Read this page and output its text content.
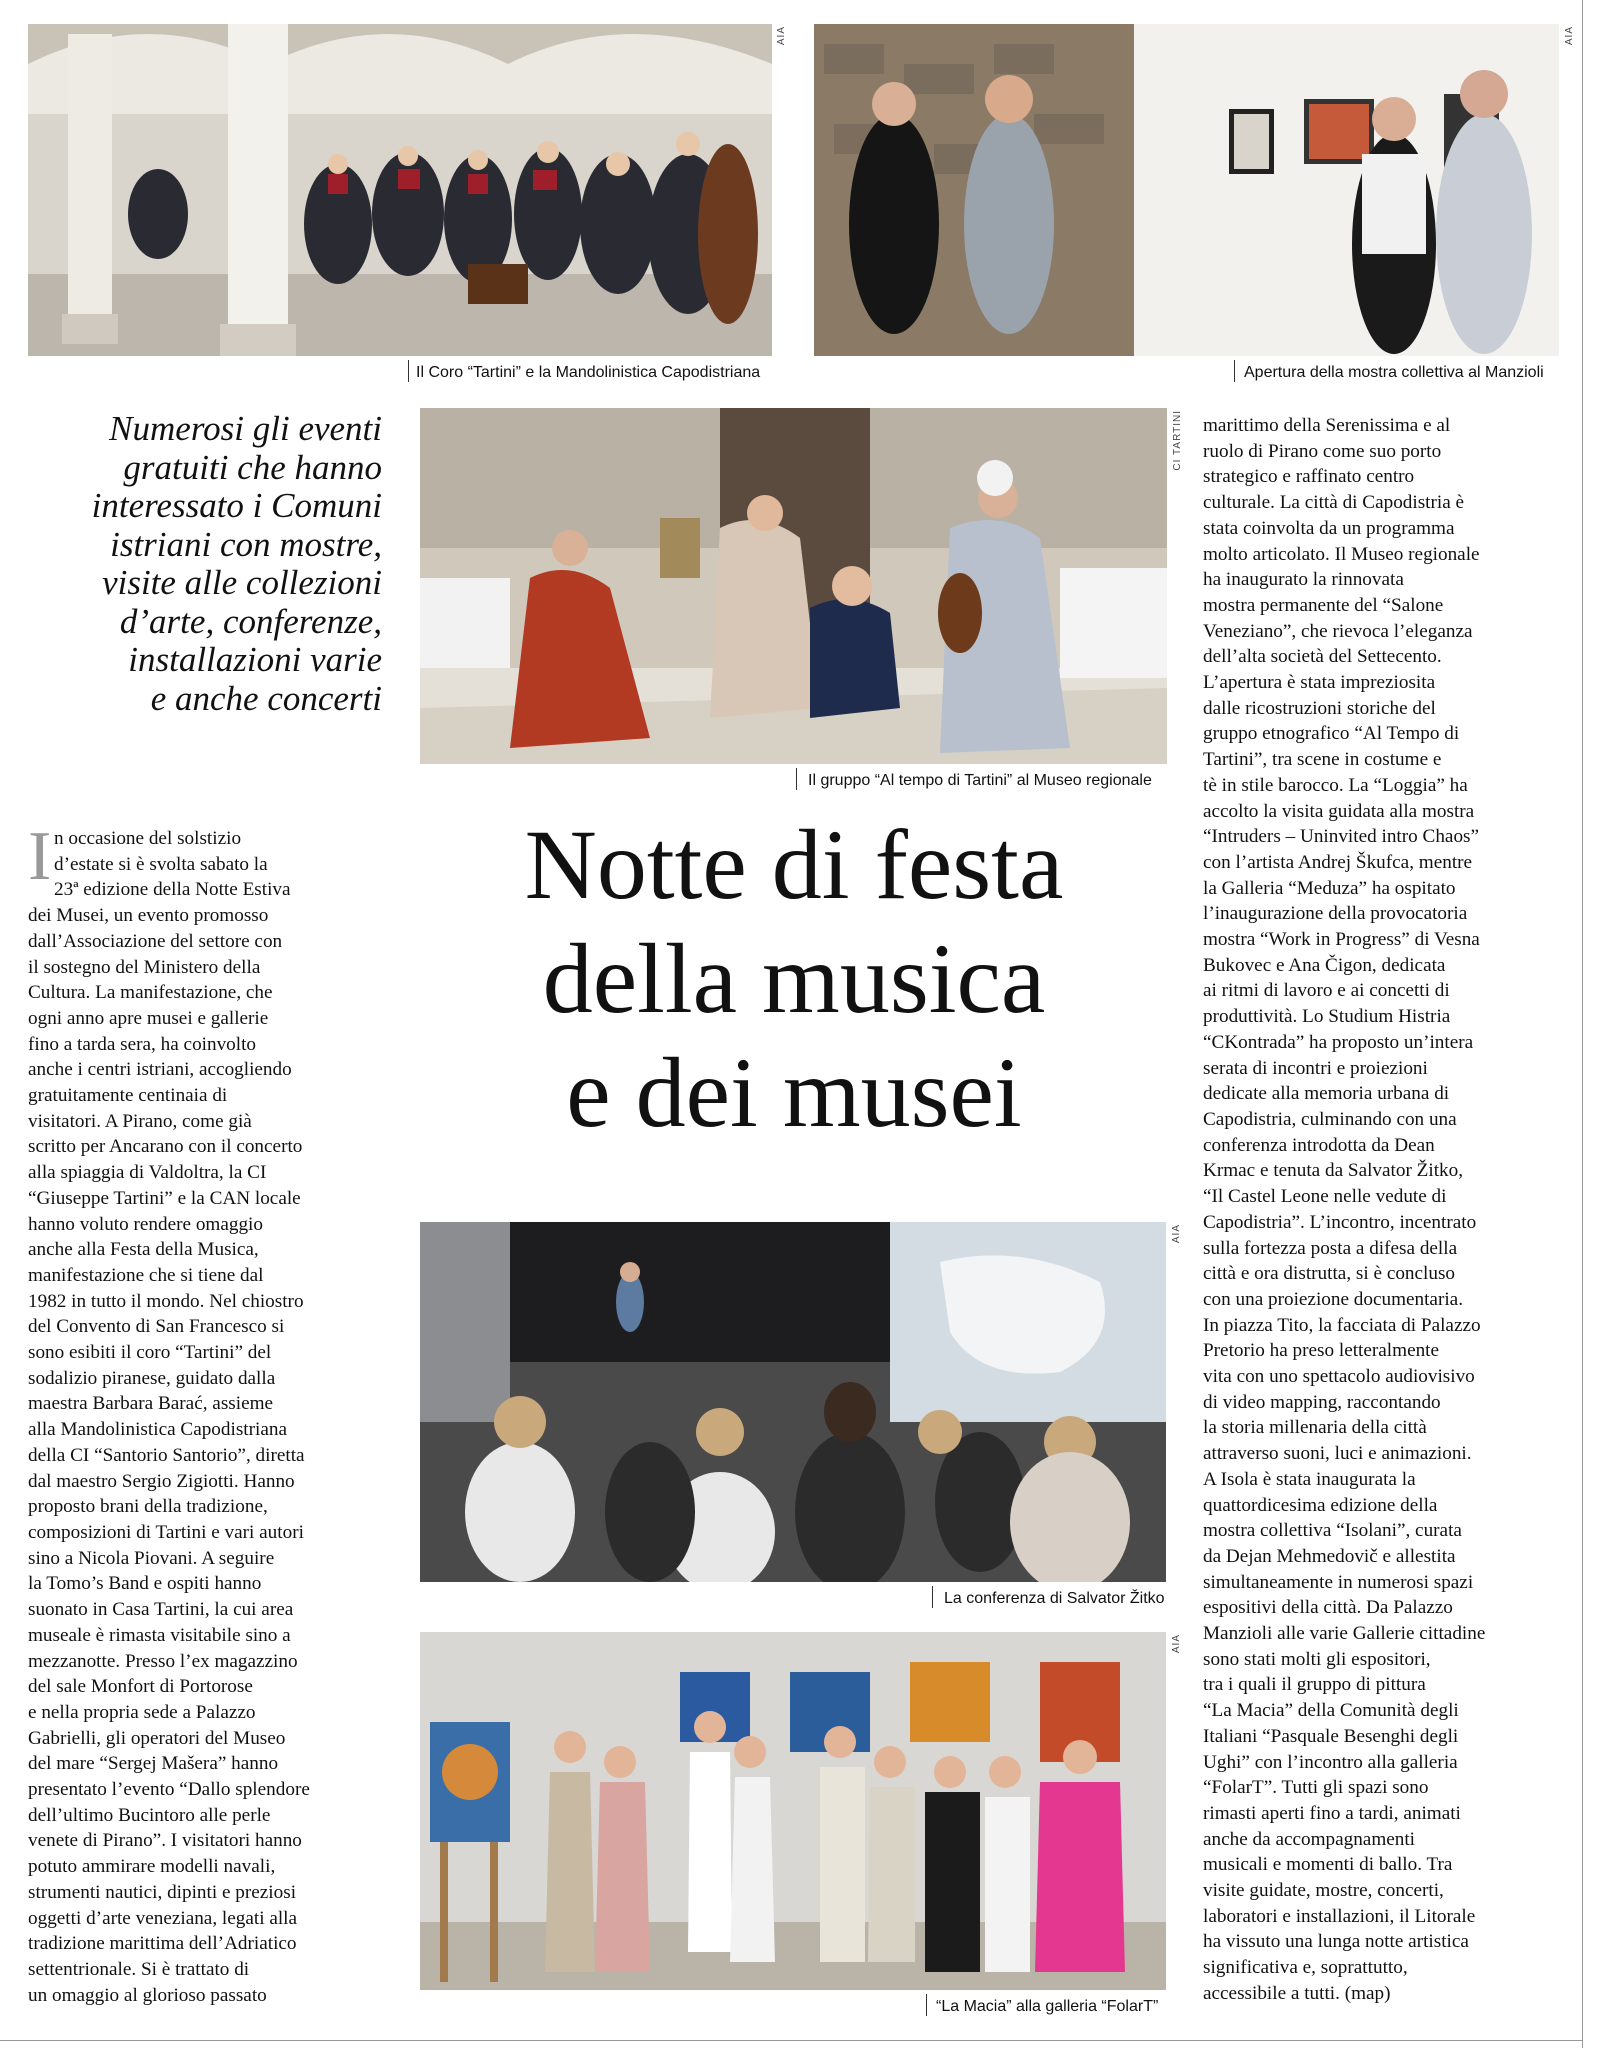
AIA
Il Coro “Tartini” e la Mandolinistica Capodistriana
AIA
Apertura della mostra collettiva al Manzioli
Numerosi gli eventi
gratuiti che hanno
interessato i Comuni
istriani con mostre,
visite alle collezioni
d’arte, conferenze,
installazioni varie
e anche concerti
CI TARTINI
Il gruppo “Al tempo di Tartini” al Museo regionale
Notte di festa
della musica
e dei musei
AIA
La conferenza di Salvator Žitko
AIA
“La Macia” alla galleria “FolarT”
I n occasione del solstizio
d’estate si è svolta sabato la
23ª edizione della Notte Estiva
dei Musei, un evento promosso
dall’Associazione del settore con
il sostegno del Ministero della
Cultura. La manifestazione, che
ogni anno apre musei e gallerie
fino a tarda sera, ha coinvolto
anche i centri istriani, accogliendo
gratuitamente centinaia di
visitatori. A Pirano, come già
scritto per Ancarano con il concerto
alla spiaggia di Valdoltra, la CI
“Giuseppe Tartini” e la CAN locale
hanno voluto rendere omaggio
anche alla Festa della Musica,
manifestazione che si tiene dal
1982 in tutto il mondo. Nel chiostro
del Convento di San Francesco si
sono esibiti il coro “Tartini” del
sodalizio piranese, guidato dalla
maestra Barbara Barać, assieme
alla Mandolinistica Capodistriana
della CI “Santorio Santorio”, diretta
dal maestro Sergio Zigiotti. Hanno
proposto brani della tradizione,
composizioni di Tartini e vari autori
sino a Nicola Piovani. A seguire
la Tomo’s Band e ospiti hanno
suonato in Casa Tartini, la cui area
museale è rimasta visitabile sino a
mezzanotte. Presso l’ex magazzino
del sale Monfort di Portorose
e nella propria sede a Palazzo
Gabrielli, gli operatori del Museo
del mare “Sergej Mašera” hanno
presentato l’evento “Dallo splendore
dell’ultimo Bucintoro alle perle
venete di Pirano”. I visitatori hanno
potuto ammirare modelli navali,
strumenti nautici, dipinti e preziosi
oggetti d’arte veneziana, legati alla
tradizione marittima dell’Adriatico
settentrionale. Si è trattato di
un omaggio al glorioso passato
marittimo della Serenissima e al
ruolo di Pirano come suo porto
strategico e raffinato centro
culturale. La città di Capodistria è
stata coinvolta da un programma
molto articolato. Il Museo regionale
ha inaugurato la rinnovata
mostra permanente del “Salone
Veneziano”, che rievoca l’eleganza
dell’alta società del Settecento.
L’apertura è stata impreziosita
dalle ricostruzioni storiche del
gruppo etnografico “Al Tempo di
Tartini”, tra scene in costume e
tè in stile barocco. La “Loggia” ha
accolto la visita guidata alla mostra
“Intruders – Uninvited intro Chaos”
con l’artista Andrej Škufca, mentre
la Galleria “Meduza” ha ospitato
l’inaugurazione della provocatoria
mostra “Work in Progress” di Vesna
Bukovec e Ana Čigon, dedicata
ai ritmi di lavoro e ai concetti di
produttività. Lo Studium Histria
“CKontrada” ha proposto un’intera
serata di incontri e proiezioni
dedicate alla memoria urbana di
Capodistria, culminando con una
conferenza introdotta da Dean
Krmac e tenuta da Salvator Žitko,
“Il Castel Leone nelle vedute di
Capodistria”. L’incontro, incentrato
sulla fortezza posta a difesa della
città e ora distrutta, si è concluso
con una proiezione documentaria.
In piazza Tito, la facciata di Palazzo
Pretorio ha preso letteralmente
vita con uno spettacolo audiovisivo
di video mapping, raccontando
la storia millenaria della città
attraverso suoni, luci e animazioni.
A Isola è stata inaugurata la
quattordicesima edizione della
mostra collettiva “Isolani”, curata
da Dejan Mehmedovič e allestita
simultaneamente in numerosi spazi
espositivi della città. Da Palazzo
Manzioli alle varie Gallerie cittadine
sono stati molti gli espositori,
tra i quali il gruppo di pittura
“La Macia” della Comunità degli
Italiani “Pasquale Besenghi degli
Ughi” con l’incontro alla galleria
“FolarT”. Tutti gli spazi sono
rimasti aperti fino a tardi, animati
anche da accompagnamenti
musicali e momenti di ballo. Tra
visite guidate, mostre, concerti,
laboratori e installazioni, il Litorale
ha vissuto una lunga notte artistica
significativa e, soprattutto,
accessibile a tutti. (map)
